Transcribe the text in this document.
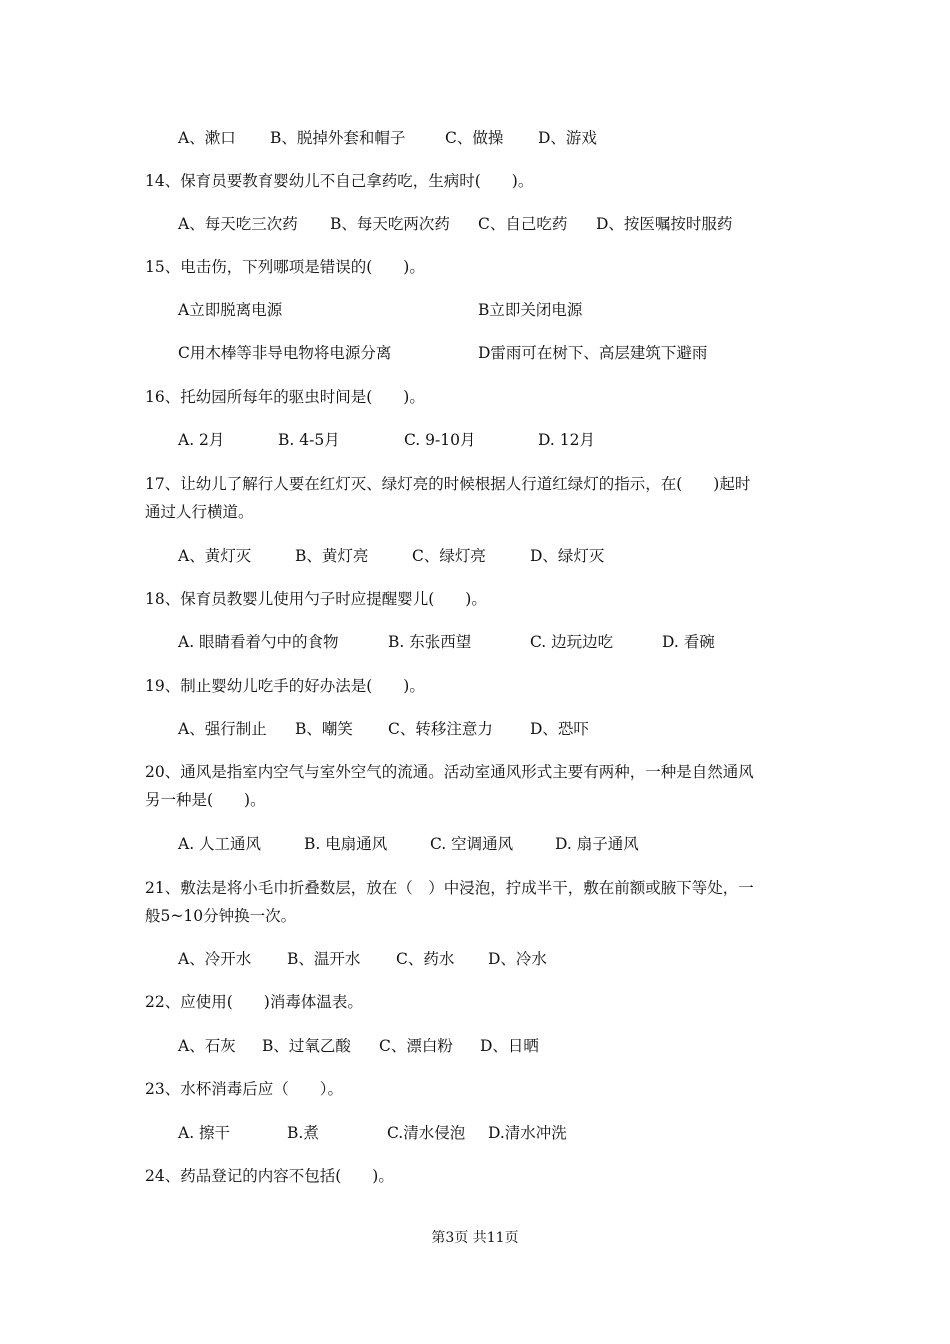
A、漱口 B、脱掉外套和帽子	C、做操 D、游戏
14、保育员要教育婴幼儿不自己拿药吃，生病时(　　)。
A、每天吃三次药 B、每天吃两次药 C、自己吃药 D、按医嘱按时服药
15、电击伤，下列哪项是错误的(　　)。
A立即脱离电源	B立即关闭电源
C用木棒等非导电物将电源分离	D雷雨可在树下、高层建筑下避雨
16、托幼园所每年的驱虫时间是(　　)。
A. 2月	B. 4-5月	C. 9-10月	D. 12月
17、让幼儿了解行人要在红灯灭、绿灯亮的时候根据人行道红绿灯的指示，在(　　)起时
通过人行横道。
A、黄灯灭	B、黄灯亮	C、绿灯亮	D、绿灯灭
18、保育员教婴儿使用勺子时应提醒婴儿(　　)。
A. 眼睛看着勺中的食物	B. 东张西望	C. 边玩边吃	D. 看碗
19、制止婴幼儿吃手的好办法是(　　)。
A、强行制止 B、嘲笑 C、转移注意力 D、恐吓
20、通风是指室内空气与室外空气的流通。活动室通风形式主要有两种，一种是自然通风
另一种是(　　)。
A. 人工通风	B. 电扇通风	C. 空调通风	D. 扇子通风
21、敷法是将小毛巾折叠数层，放在（　）中浸泡，拧成半干，敷在前额或腋下等处，一
般5~10分钟换一次。
A、冷开水 B、温开水 C、药水 D、冷水
22、应使用(　　)消毒体温表。
A、石灰 B、过氧乙酸 C、漂白粉 D、日晒
23、水杯消毒后应（　　）。
A. 擦干	B.煮	C.清水侵泡 D.清水冲洗
24、药品登记的内容不包括(　　)。
第3页 共11页
